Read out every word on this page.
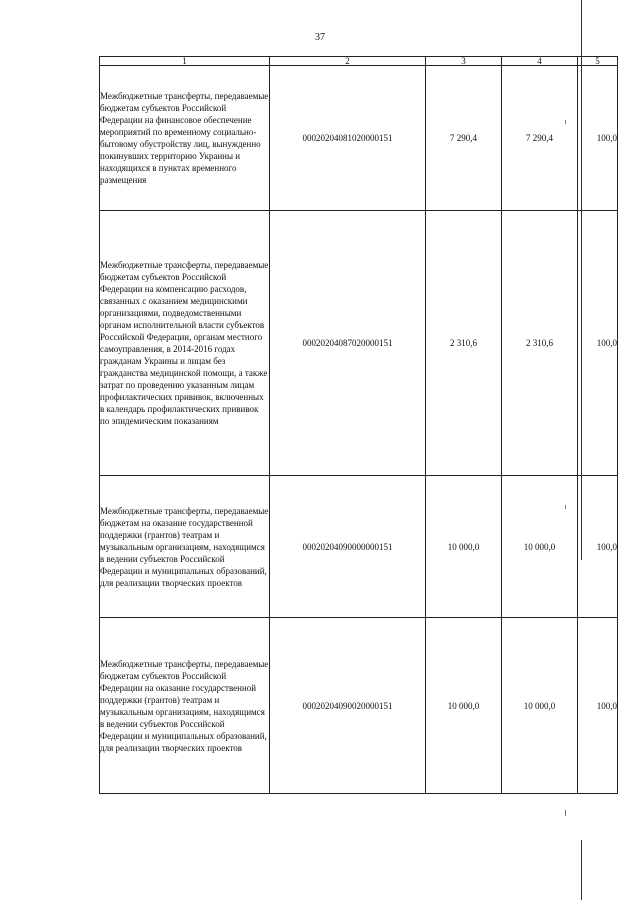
37
1	2	3	4	5
Межбюджетные трансферты, передаваемые бюджетам субъектов Российской Федерации на финансовое обеспечение мероприятий по временному социально-бытовому обустройству лиц, вынужденно покинувших территорию Украины и находящихся в пунктах временного размещения	00020204081020000151	7 290,4	7 290,4	100,0
Межбюджетные трансферты, передаваемые бюджетам субъектов Российской Федерации на компенсацию расходов, связанных с оказанием медицинскими организациями, подведомственными органам исполнительной власти субъектов Российской Федерации, органам местного самоуправления, в 2014-2016 годах гражданам Украины и лицам без гражданства медицинской помощи, а также затрат по проведению указанным лицам профилактических прививок, включенных в календарь профилактических прививок по эпидемическим показаниям	00020204087020000151	2 310,6	2 310,6	100,0
Межбюджетные трансферты, передаваемые бюджетам на оказание государственной поддержки (грантов) театрам и музыкальным организациям, находящимся в ведении субъектов Российской Федерации и муниципальных образований, для реализации творческих проектов	00020204090000000151	10 000,0	10 000,0	100,0
Межбюджетные трансферты, передаваемые бюджетам субъектов Российской Федерации на оказание государственной поддержки (грантов) театрам и музыкальным организациям, находящимся в ведении субъектов Российской Федерации и муниципальных образований, для реализации творческих проектов	00020204090020000151	10 000,0	10 000,0	100,0
